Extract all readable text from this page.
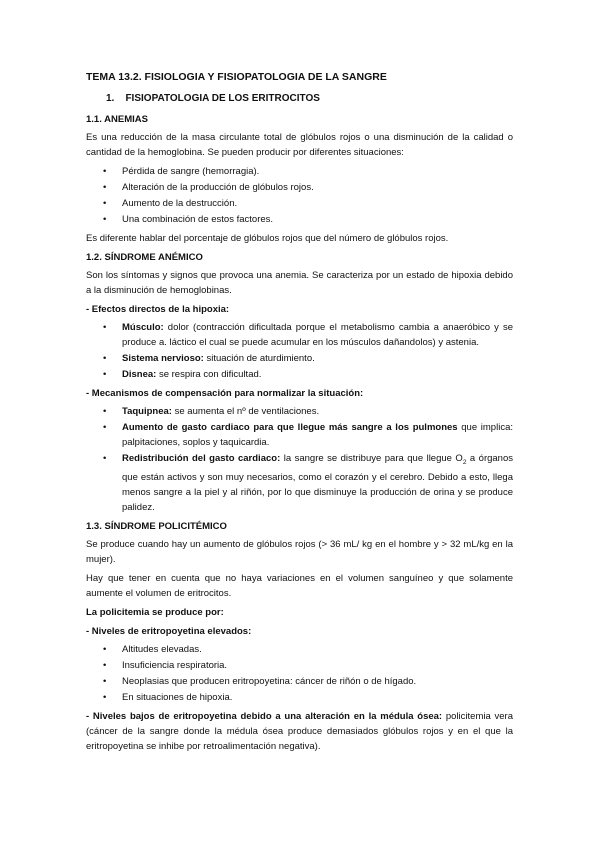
TEMA 13.2. FISIOLOGIA Y FISIOPATOLOGIA DE LA SANGRE
1.    FISIOPATOLOGIA DE LOS ERITROCITOS
1.1. ANEMIAS

Es una reducción de la masa circulante total de glóbulos rojos o una disminución de la calidad o cantidad de la hemoglobina. Se pueden producir por diferentes situaciones:

• Pérdida de sangre (hemorragia).
• Alteración de la producción de glóbulos rojos.
• Aumento de la destrucción.
• Una combinación de estos factores.

Es diferente hablar del porcentaje de glóbulos rojos que del número de glóbulos rojos.

1.2. SÍNDROME ANÉMICO

Son los síntomas y signos que provoca una anemia. Se caracteriza por un estado de hipoxia debido a la disminución de hemoglobinas.

- Efectos directos de la hipoxia:
• Músculo: dolor (contracción dificultada porque el metabolismo cambia a anaeróbico y se produce a. láctico el cual se puede acumular en los músculos dañandolos) y astenia.
• Sistema nervioso: situación de aturdimiento.
• Disnea: se respira con dificultad.
- Mecanismos de compensación para normalizar la situación:
• Taquipnea: se aumenta el nº de ventilaciones.
• Aumento de gasto cardiaco para que llegue más sangre a los pulmones que implica: palpitaciones, soplos y taquicardia.
• Redistribución del gasto cardiaco: la sangre se distribuye para que llegue $O_2$ a órganos que están activos y son muy necesarios, como el corazón y el cerebro. Debido a esto, llega menos sangre a la piel y al riñón, por lo que disminuye la producción de orina y se produce palidez.
1.3. SÍNDROME POLICITÉMICO

Se produce cuando hay un aumento de glóbulos rojos (> 36 mL/ kg en el hombre y > 32 mL/kg en la mujer).

Hay que tener en cuenta que no haya variaciones en el volumen sanguíneo y que solamente aumente el volumen de eritrocitos.

La policitemia se produce por:
- Niveles de eritropoyetina elevados:
• Altitudes elevadas.
• Insuficiencia respiratoria.
• Neoplasias que producen eritropoyetina: cáncer de riñón o de hígado.
• En situaciones de hipoxia.

- Niveles bajos de eritropoyetina debido a una alteración en la médula ósea: policitemia vera (cáncer de la sangre donde la médula ósea produce demasiados glóbulos rojos y en el que la eritropoyetina se inhibe por retroalimentación negativa).
